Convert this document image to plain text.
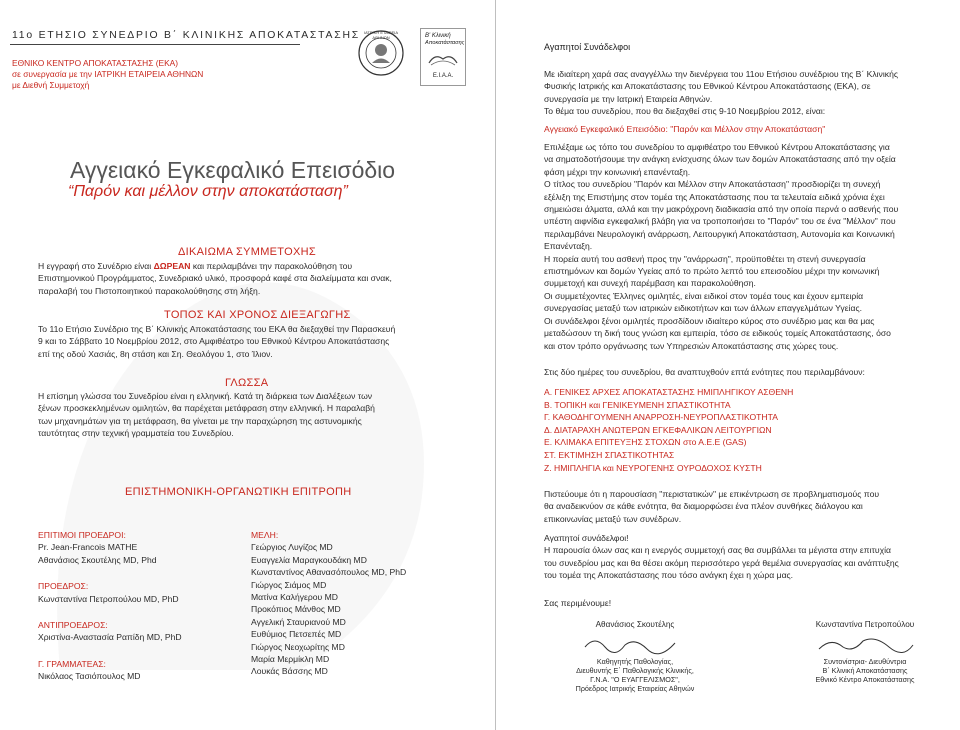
11ο ΕΤΗΣΙΟ ΣΥΝΕΔΡΙΟ Β΄ ΚΛΙΝΙΚΗΣ ΑΠΟΚΑΤΑΣΤΑΣΗΣ
ΕΘΝΙΚΟ ΚΕΝΤΡΟ ΑΠΟΚΑΤΑΣΤΑΣΗΣ (ΕΚΑ)
σε συνεργασία με την ΙΑΤΡΙΚΗ ΕΤΑΙΡΕΙΑ ΑΘΗΝΩΝ
με Διεθνή Συμμετοχή
ΙΑΤΡΙΚΗ ΕΤΑΙΡΕΙΑ ΑΘΗΝΩΝ	Β' Κλινική
Αποκατάστασης
Ε.Ι.Α.Α.
Αγγειακό Εγκεφαλικό Επεισόδιο
“Παρόν και μέλλον στην αποκατάσταση”
ΔΙΚΑΙΩΜΑ ΣΥΜΜΕΤΟΧΗΣ
Η εγγραφή στο Συνέδριο είναι ΔΩΡΕΑΝ και περιλαμβάνει την παρακολούθηση του
Επιστημονικού Προγράμματος, Συνεδριακό υλικό, προσφορά καφέ στα διαλείμματα και σνακ,
παραλαβή του Πιστοποιητικού παρακολούθησης στη λήξη.
ΤΟΠΟΣ ΚΑΙ ΧΡΟΝΟΣ ΔΙΕΞΑΓΩΓΗΣ
Το 11ο Ετήσιο Συνέδριο της Β΄ Κλινικής Αποκατάστασης του ΕΚΑ θα διεξαχθεί την Παρασκευή
9 και το Σάββατο 10 Νοεμβρίου 2012, στο Αμφιθέατρο του Εθνικού Κέντρου Αποκατάστασης
επί της οδού Χασιάς, 8η στάση και Ση. Θεολόγου 1, στο Ίλιον.
ΓΛΩΣΣΑ
Η επίσημη γλώσσα του Συνεδρίου είναι η ελληνική. Κατά τη διάρκεια των Διαλέξεων των
ξένων προσκεκλημένων ομιλητών, θα παρέχεται μετάφραση στην ελληνική. Η παραλαβή
των μηχανημάτων για τη μετάφραση, θα γίνεται με την παραχώρηση της αστυνομικής
ταυτότητας στην τεχνική γραμματεία του Συνεδρίου.
ΕΠΙΣΤΗΜΟΝΙΚΗ-ΟΡΓΑΝΩΤΙΚΗ ΕΠΙΤΡΟΠΗ
ΕΠΙΤΙΜΟΙ ΠΡΟΕΔΡΟΙ:
Pr. Jean-Francois MATHE
Αθανάσιος Σκουτέλης MD, Phd
ΠΡΟΕΔΡΟΣ:
Κωνσταντίνα Πετροπούλου MD, PhD
ΑΝΤΙΠΡΟΕΔΡΟΣ:
Χριστίνα-Αναστασία Ραπίδη MD, PhD
Γ. ΓΡΑΜΜΑΤΕΑΣ:
Νικόλαος Τασιόπουλος MD
ΜΕΛΗ:
Γεώργιος Λυγίζος MD
Ευαγγελία Μαραγκουδάκη MD
Κωνσταντίνος Αθανασόπουλος MD, PhD
Γιώργος Σιάμος MD
Ματίνα Καλήγερου MD
Προκόπιος Μάνθος MD
Αγγελική Σταυριανού MD
Ευθύμιος Πετσεπές MD
Γιώργος Νεοχωρίτης MD
Μαρία Μερμίκλη MD
Λουκάς Βάσσης MD
Αγαπητοί Συνάδελφοι
Με ιδιαίτερη χαρά σας αναγγέλλω την διενέργεια του 11ου Ετήσιου συνέδριου της Β΄ Κλινικής
Φυσικής Ιατρικής και Αποκατάστασης του Εθνικού Κέντρου Αποκατάστασης (ΕΚΑ), σε
συνεργασία με την Ιατρική Εταιρεία Αθηνών.
Το θέμα του συνεδρίου, που θα διεξαχθεί στις 9-10 Νοεμβρίου 2012, είναι:
Αγγειακό Εγκεφαλικό Επεισόδιο: "Παρόν και Μέλλον στην Αποκατάσταση"
Επιλέξαμε ως τόπο του συνεδρίου το αμφιθέατρο του Εθνικού Κέντρου Αποκατάστασης για
να σηματοδοτήσουμε την ανάγκη ενίσχυσης όλων των δομών Αποκατάστασης από την οξεία
φάση μέχρι την κοινωνική επανένταξη.
Ο τίτλος του συνεδρίου "Παρόν και Μέλλον στην Αποκατάσταση" προσδιορίζει τη συνεχή
εξέλιξη της Επιστήμης στον τομέα της Αποκατάστασης που τα τελευταία ειδικά χρόνια έχει
σημειώσει άλματα, αλλά και την μακρόχρονη διαδικασία από την οποία περνά ο ασθενής που
υπέστη αιφνίδια εγκεφαλική βλάβη για να τροποποιήσει το "Παρόν" του σε ένα "Μέλλον" που
περιλαμβάνει Νευρολογική ανάρρωση, Λειτουργική Αποκατάσταση, Αυτονομία και Κοινωνική
Επανένταξη.
Η πορεία αυτή του ασθενή προς την "ανάρρωση", προϋποθέτει τη στενή συνεργασία
επιστημόνων και δομών Υγείας από το πρώτο λεπτό του επεισοδίου μέχρι την κοινωνική
συμμετοχή και συνεχή παρέμβαση και παρακολούθηση.
Οι συμμετέχοντες Έλληνες ομιλητές, είναι ειδικοί στον τομέα τους και έχουν εμπειρία
συνεργασίας μεταξύ των ιατρικών ειδικοτήτων και των άλλων επαγγελμάτων Υγείας.
Οι συνάδελφοι ξένοι ομιλητές προσδίδουν ιδιαίτερο κύρος στο συνέδριο μας και θα μας
μεταδώσουν τη δική τους γνώση και εμπειρία, τόσο σε ειδικούς τομείς Αποκατάστασης, όσο
και στον τρόπο οργάνωσης των Υπηρεσιών Αποκατάστασης στις χώρες τους.
Στις δύο ημέρες του συνεδρίου, θα αναπτυχθούν επτά ενότητες που περιλαμβάνουν:
Α. ΓΕΝΙΚΕΣ ΑΡΧΕΣ ΑΠΟΚΑΤΑΣΤΑΣΗΣ ΗΜΙΠΛΗΓΙΚΟΥ ΑΣΘΕΝΗ
Β. ΤΟΠΙΚΗ και ΓΕΝΙΚΕΥΜΕΝΗ ΣΠΑΣΤΙΚΟΤΗΤΑ
Γ. ΚΑΘΟΔΗΓΟΥΜΕΝΗ ΑΝΑΡΡΟΣΗ-ΝΕΥΡΟΠΛΑΣΤΙΚΟΤΗΤΑ
Δ. ΔΙΑΤΑΡΑΧΗ ΑΝΩΤΕΡΩΝ ΕΓΚΕΦΑΛΙΚΩΝ ΛΕΙΤΟΥΡΓΙΩΝ
Ε. ΚΛΙΜΑΚΑ ΕΠΙΤΕΥΞΗΣ ΣΤΟΧΩΝ στο Α.Ε.Ε (GAS)
ΣΤ. ΕΚΤΙΜΗΣΗ ΣΠΑΣΤΙΚΟΤΗΤΑΣ
Ζ. ΗΜΙΠΛΗΓΙΑ και ΝΕΥΡΟΓΕΝΗΣ ΟΥΡΟΔΟΧΟΣ ΚΥΣΤΗ
Πιστεύουμε ότι η παρουσίαση "περιστατικών" με επικέντρωση σε προβληματισμούς που
θα αναδεικνύον σε κάθε ενότητα, θα διαμορφώσει ένα πλέον συνθήκες διάλογου και
επικοινωνίας μεταξύ των συνέδρων.
Αγαπητοί συνάδελφοι!
Η παρουσία όλων σας και η ενεργός συμμετοχή σας θα συμβάλλει τα μέγιστα στην επιτυχία
του συνεδρίου μας και θα θέσει ακόμη περισσότερο γερά θεμέλια συνεργασίας και ανάπτυξης
του τομέα της Αποκατάστασης που τόσο ανάγκη έχει η χώρα μας.
Σας περιμένουμε!
Αθανάσιος Σκουτέλης
Καθηγητής Παθολογίας,
Διευθυντής Ε΄ Παθολογικής Κλινικής,
Γ.Ν.Α. "Ο ΕΥΑΓΓΕΛΙΣΜΟΣ",
Πρόεδρος Ιατρικής Εταιρείας Αθηνών
Κωνσταντίνα Πετροπούλου
Συντονίστρια- Διευθύντρια
Β΄ Κλινική Αποκατάστασης
Εθνικό Κέντρο Αποκατάστασης
